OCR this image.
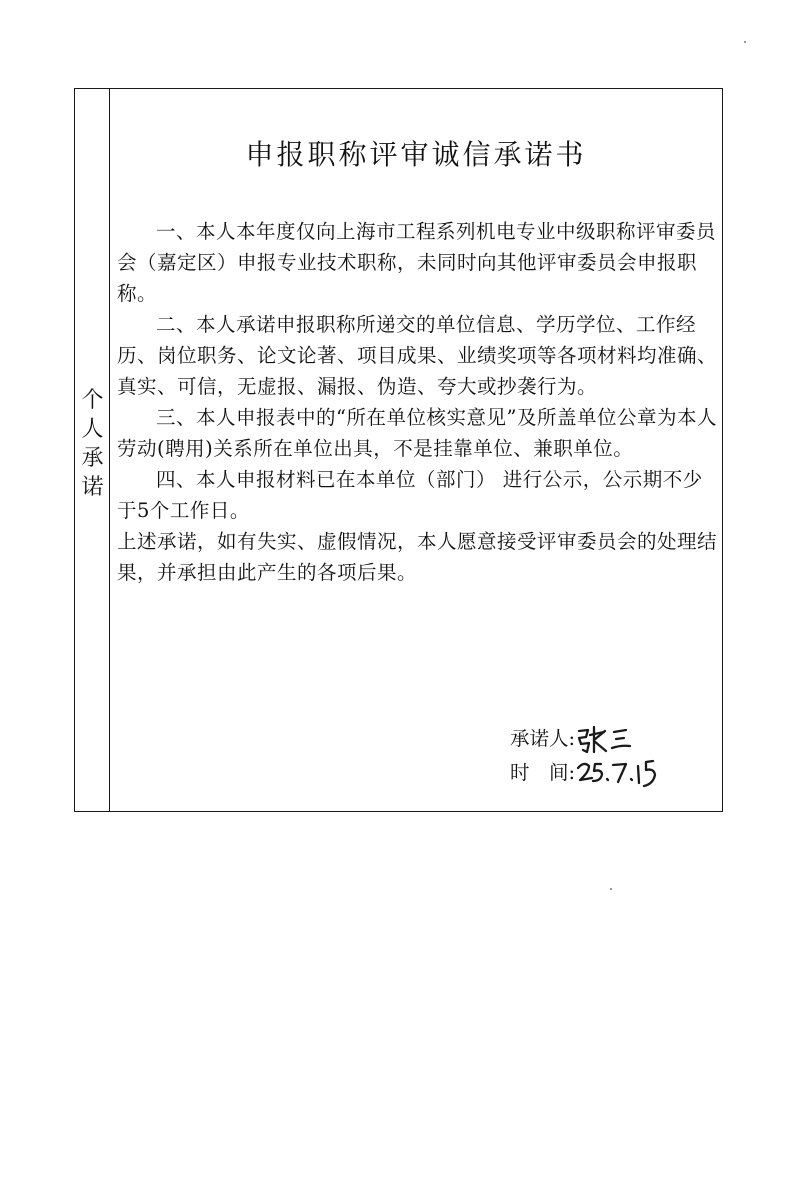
个人承诺
申报职称评审诚信承诺书

一、本人本年度仅向上海市工程系列机电专业中级职称评审委员会（嘉定区）申报专业技术职称，未同时向其他评审委员会申报职

称。

二、本人承诺申报职称所递交的单位信息、学历学位、工作经历、岗位职务、论文论著、项目成果、业绩奖项等各项材料均准确、真实、可信，无虚报、漏报、伪造、夸大或抄袭行为。

三、本人申报表中的“所在单位核实意见”及所盖单位公章为本人劳动(聘用)关系所在单位出具，不是挂靠单位、兼职单位。

四、本人申报材料已在本单位（部门） 进行公示，公示期不少于5个工作日。

上述承诺，如有失实、虚假情况，本人愿意接受评审委员会的处理结果，并承担由此产生的各项后果。

承诺人:
时　间:
